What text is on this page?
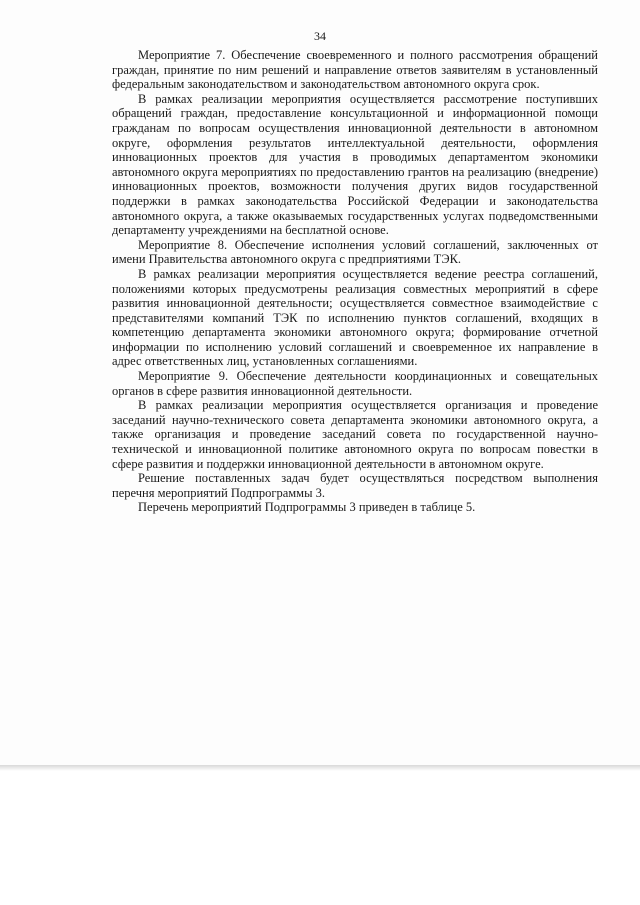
34

Мероприятие 7. Обеспечение своевременного и полного рассмотрения обращений граждан, принятие по ним решений и направление ответов заявителям в установленный федеральным законодательством и законодательством автономного округа срок.

В рамках реализации мероприятия осуществляется рассмотрение поступивших обращений граждан, предоставление консультационной и информационной помощи гражданам по вопросам осуществления инновационной деятельности в автономном округе, оформления результатов интеллектуальной деятельности, оформления инновационных проектов для участия в проводимых департаментом экономики автономного округа мероприятиях по предоставлению грантов на реализацию (внедрение) инновационных проектов, возможности получения других видов государственной поддержки в рамках законодательства Российской Федерации и законодательства автономного округа, а также оказываемых государственных услугах подведомственными департаменту учреждениями на бесплатной основе.

Мероприятие 8. Обеспечение исполнения условий соглашений, заключенных от имени Правительства автономного округа с предприятиями ТЭК.

В рамках реализации мероприятия осуществляется ведение реестра соглашений, положениями которых предусмотрены реализация совместных мероприятий в сфере развития инновационной деятельности; осуществляется совместное взаимодействие с представителями компаний ТЭК по исполнению пунктов соглашений, входящих в компетенцию департамента экономики автономного округа; формирование отчетной информации по исполнению условий соглашений и своевременное их направление в адрес ответственных лиц, установленных соглашениями.

Мероприятие 9. Обеспечение деятельности координационных и совещательных органов в сфере развития инновационной деятельности.

В рамках реализации мероприятия осуществляется организация и проведение заседаний научно-технического совета департамента экономики автономного округа, а также организация и проведение заседаний совета по государственной научно-технической и инновационной политике автономного округа по вопросам повестки в сфере развития и поддержки инновационной деятельности в автономном округе.

Решение поставленных задач будет осуществляться посредством выполнения перечня мероприятий Подпрограммы 3.

Перечень мероприятий Подпрограммы 3 приведен в таблице 5.
